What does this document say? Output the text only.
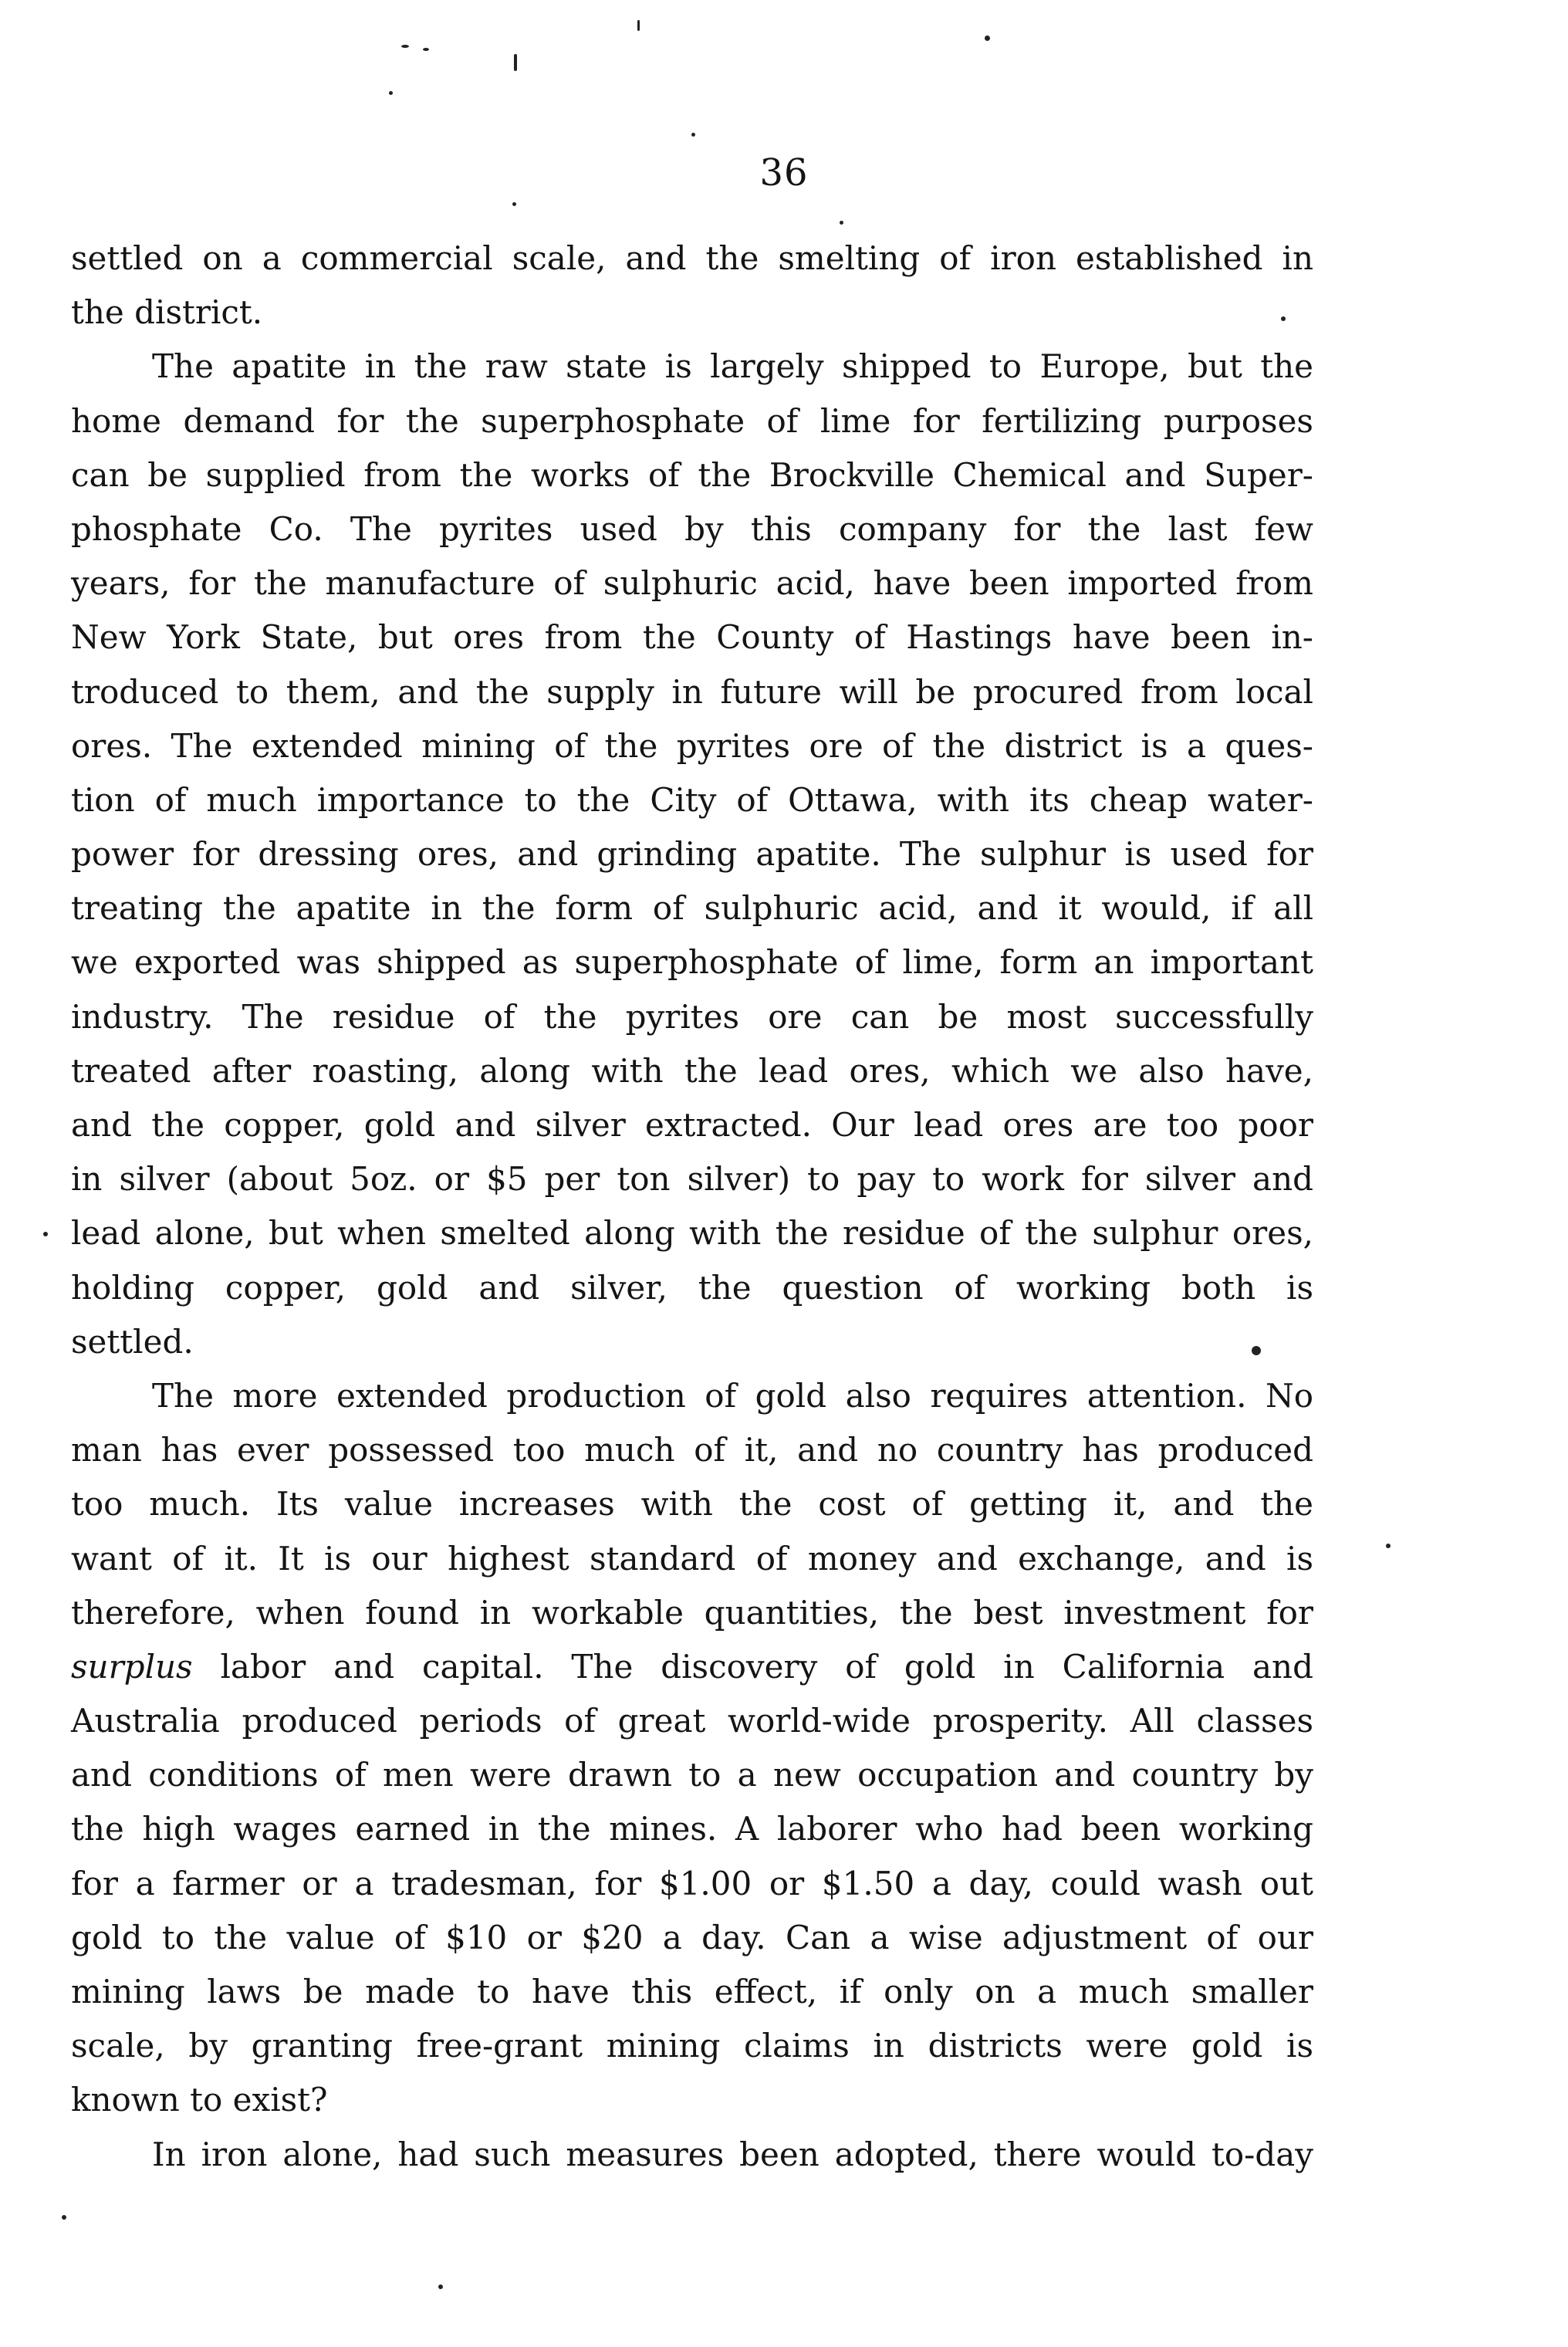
36
settled on a commercial scale, and the smelting of iron established in
the district.
The apatite in the raw state is largely shipped to Europe, but the
home demand for the superphosphate of lime for fertilizing purposes
can be supplied from the works of the Brockville Chemical and Super-
phosphate Co. The pyrites used by this company for the last few
years, for the manufacture of sulphuric acid, have been imported from
New York State, but ores from the County of Hastings have been in-
troduced to them, and the supply in future will be procured from local
ores. The extended mining of the pyrites ore of the district is a ques-
tion of much importance to the City of Ottawa, with its cheap water-
power for dressing ores, and grinding apatite. The sulphur is used for
treating the apatite in the form of sulphuric acid, and it would, if all
we exported was shipped as superphosphate of lime, form an important
industry. The residue of the pyrites ore can be most successfully
treated after roasting, along with the lead ores, which we also have,
and the copper, gold and silver extracted. Our lead ores are too poor
in silver (about 5oz. or $5 per ton silver) to pay to work for silver and
lead alone, but when smelted along with the residue of the sulphur ores,
holding copper, gold and silver, the question of working both is
settled.
The more extended production of gold also requires attention. No
man has ever possessed too much of it, and no country has produced
too much. Its value increases with the cost of getting it, and the
want of it. It is our highest standard of money and exchange, and is
therefore, when found in workable quantities, the best investment for
surplus labor and capital. The discovery of gold in California and
Australia produced periods of great world-wide prosperity. All classes
and conditions of men were drawn to a new occupation and country by
the high wages earned in the mines. A laborer who had been working
for a farmer or a tradesman, for $1.00 or $1.50 a day, could wash out
gold to the value of $10 or $20 a day. Can a wise adjustment of our
mining laws be made to have this effect, if only on a much smaller
scale, by granting free-grant mining claims in districts were gold is
known to exist?
In iron alone, had such measures been adopted, there would to-day
